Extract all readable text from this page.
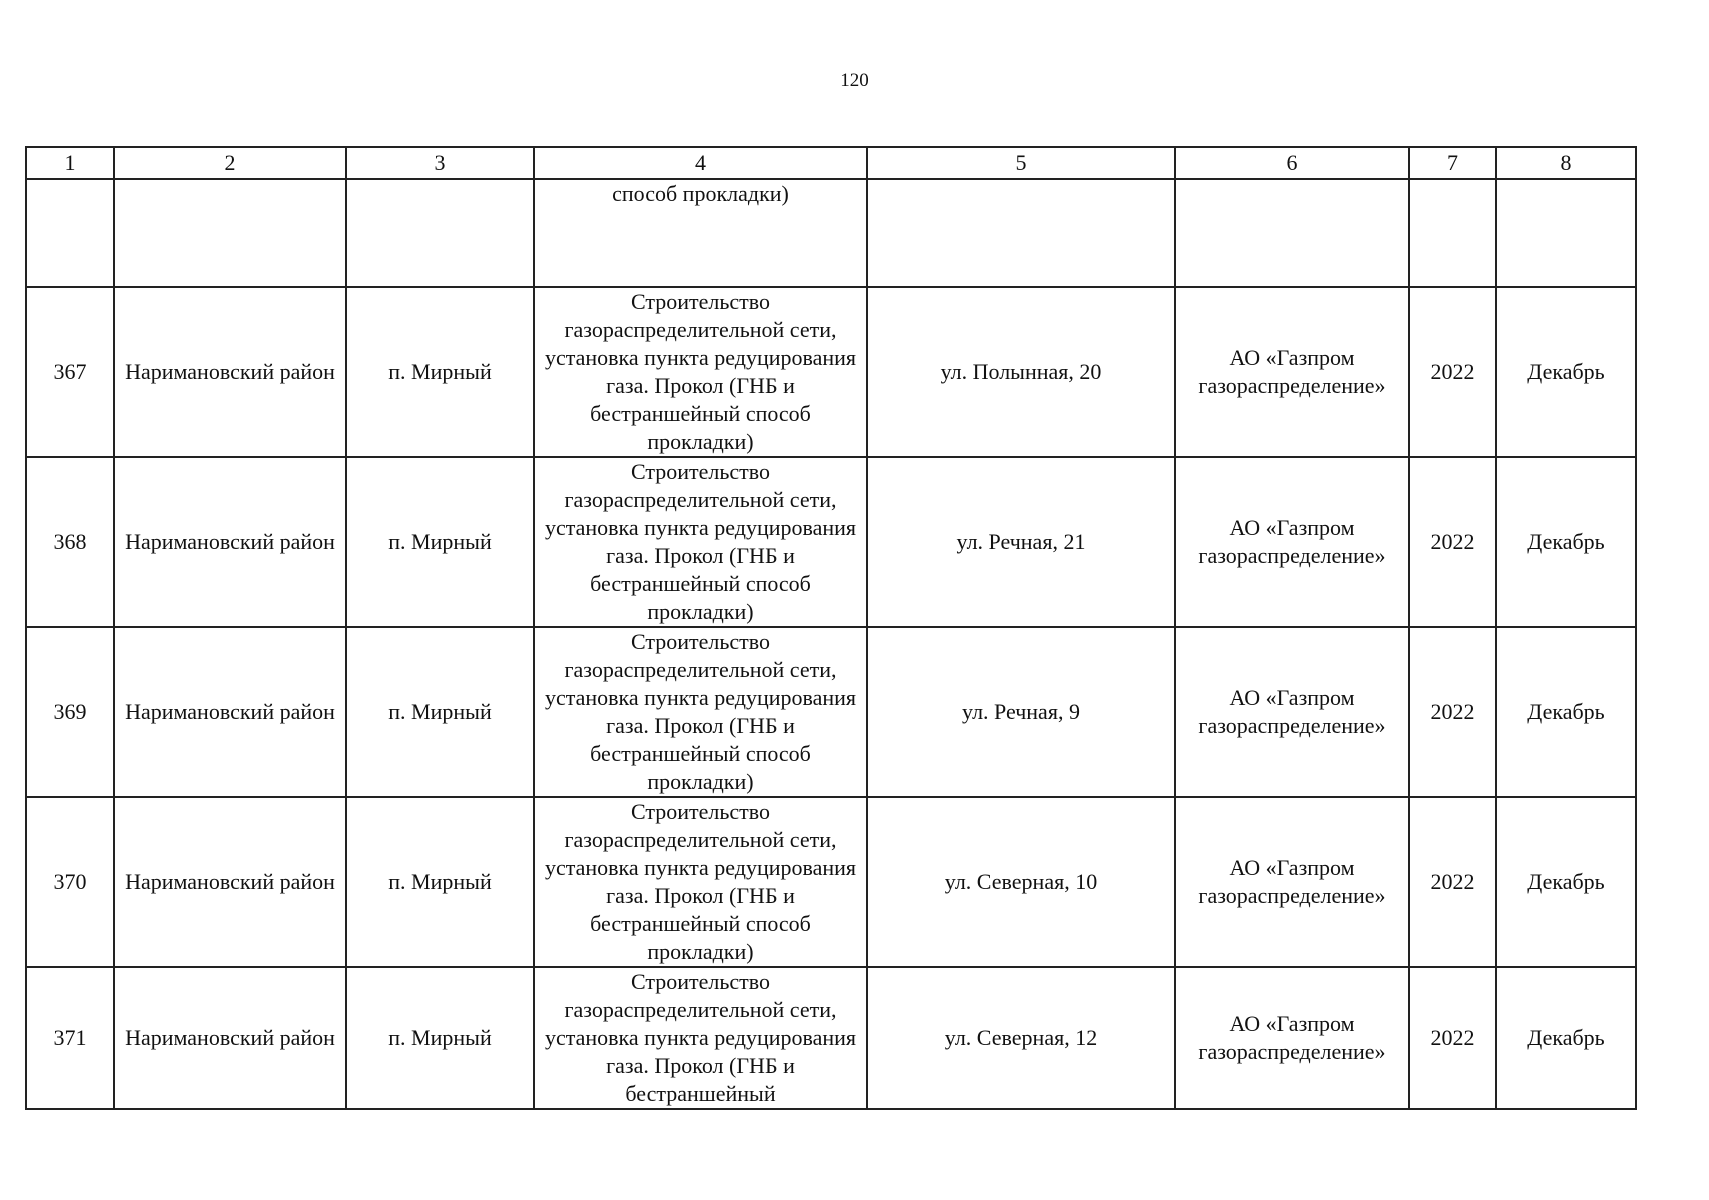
120
1	2	3	4	5	6	7	8
			способ прокладки)				
367	Наримановский район	п. Мирный	Строительство газораспределительной сети, установка пункта редуцирования газа. Прокол (ГНБ и бестраншейный способ прокладки)	ул. Полынная, 20	АО «Газпром газораспределение»	2022	Декабрь
368	Наримановский район	п. Мирный	Строительство газораспределительной сети, установка пункта редуцирования газа. Прокол (ГНБ и бестраншейный способ прокладки)	ул. Речная, 21	АО «Газпром газораспределение»	2022	Декабрь
369	Наримановский район	п. Мирный	Строительство газораспределительной сети, установка пункта редуцирования газа. Прокол (ГНБ и бестраншейный способ прокладки)	ул. Речная, 9	АО «Газпром газораспределение»	2022	Декабрь
370	Наримановский район	п. Мирный	Строительство газораспределительной сети, установка пункта редуцирования газа. Прокол (ГНБ и бестраншейный способ прокладки)	ул. Северная, 10	АО «Газпром газораспределение»	2022	Декабрь
371	Наримановский район	п. Мирный	Строительство газораспределительной сети, установка пункта редуцирования газа. Прокол (ГНБ и бестраншейный	ул. Северная, 12	АО «Газпром газораспределение»	2022	Декабрь
